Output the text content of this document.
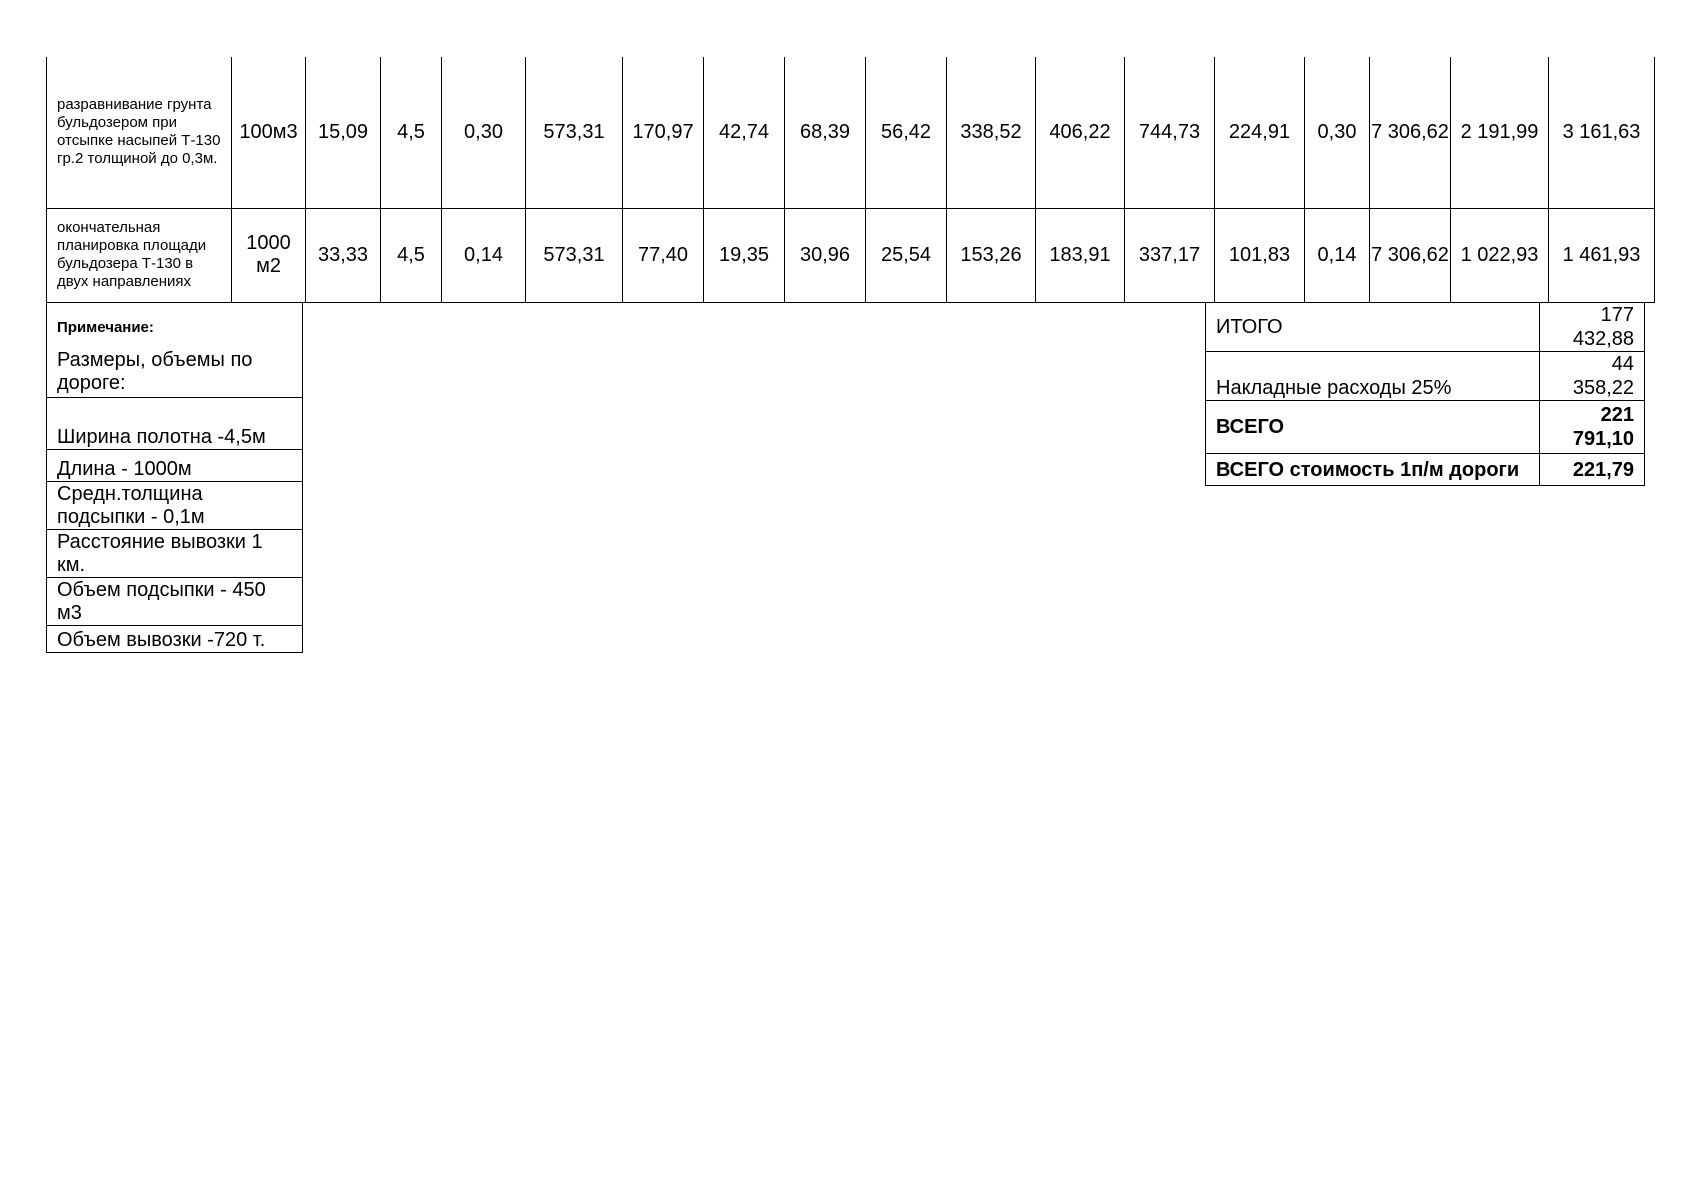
разравнивание грунта бульдозером при отсыпке насыпей Т-130 гр.2 толщиной до 0,3м.	100м3	15,09	4,5	0,30	573,31	170,97	42,74	68,39	56,42	338,52	406,22	744,73	224,91	0,30	7 306,62	2 191,99	3 161,63
окончательная планировка площади бульдозера Т-130 в двух направлениях	1000 м2	33,33	4,5	0,14	573,31	77,40	19,35	30,96	25,54	153,26	183,91	337,17	101,83	0,14	7 306,62	1 022,93	1 461,93
Примечание:
Размеры, объемы по дороге:
Ширина полотна -4,5м
Длина - 1000м
Средн.толщина подсыпки - 0,1м
Расстояние вывозки 1 км.
Объем подсыпки - 450 м3
Объем вывозки -720 т.
ИТОГО	177 432,88
Накладные расходы 25%	44 358,22
ВСЕГО	221 791,10
ВСЕГО стоимость 1п/м дороги	221,79
